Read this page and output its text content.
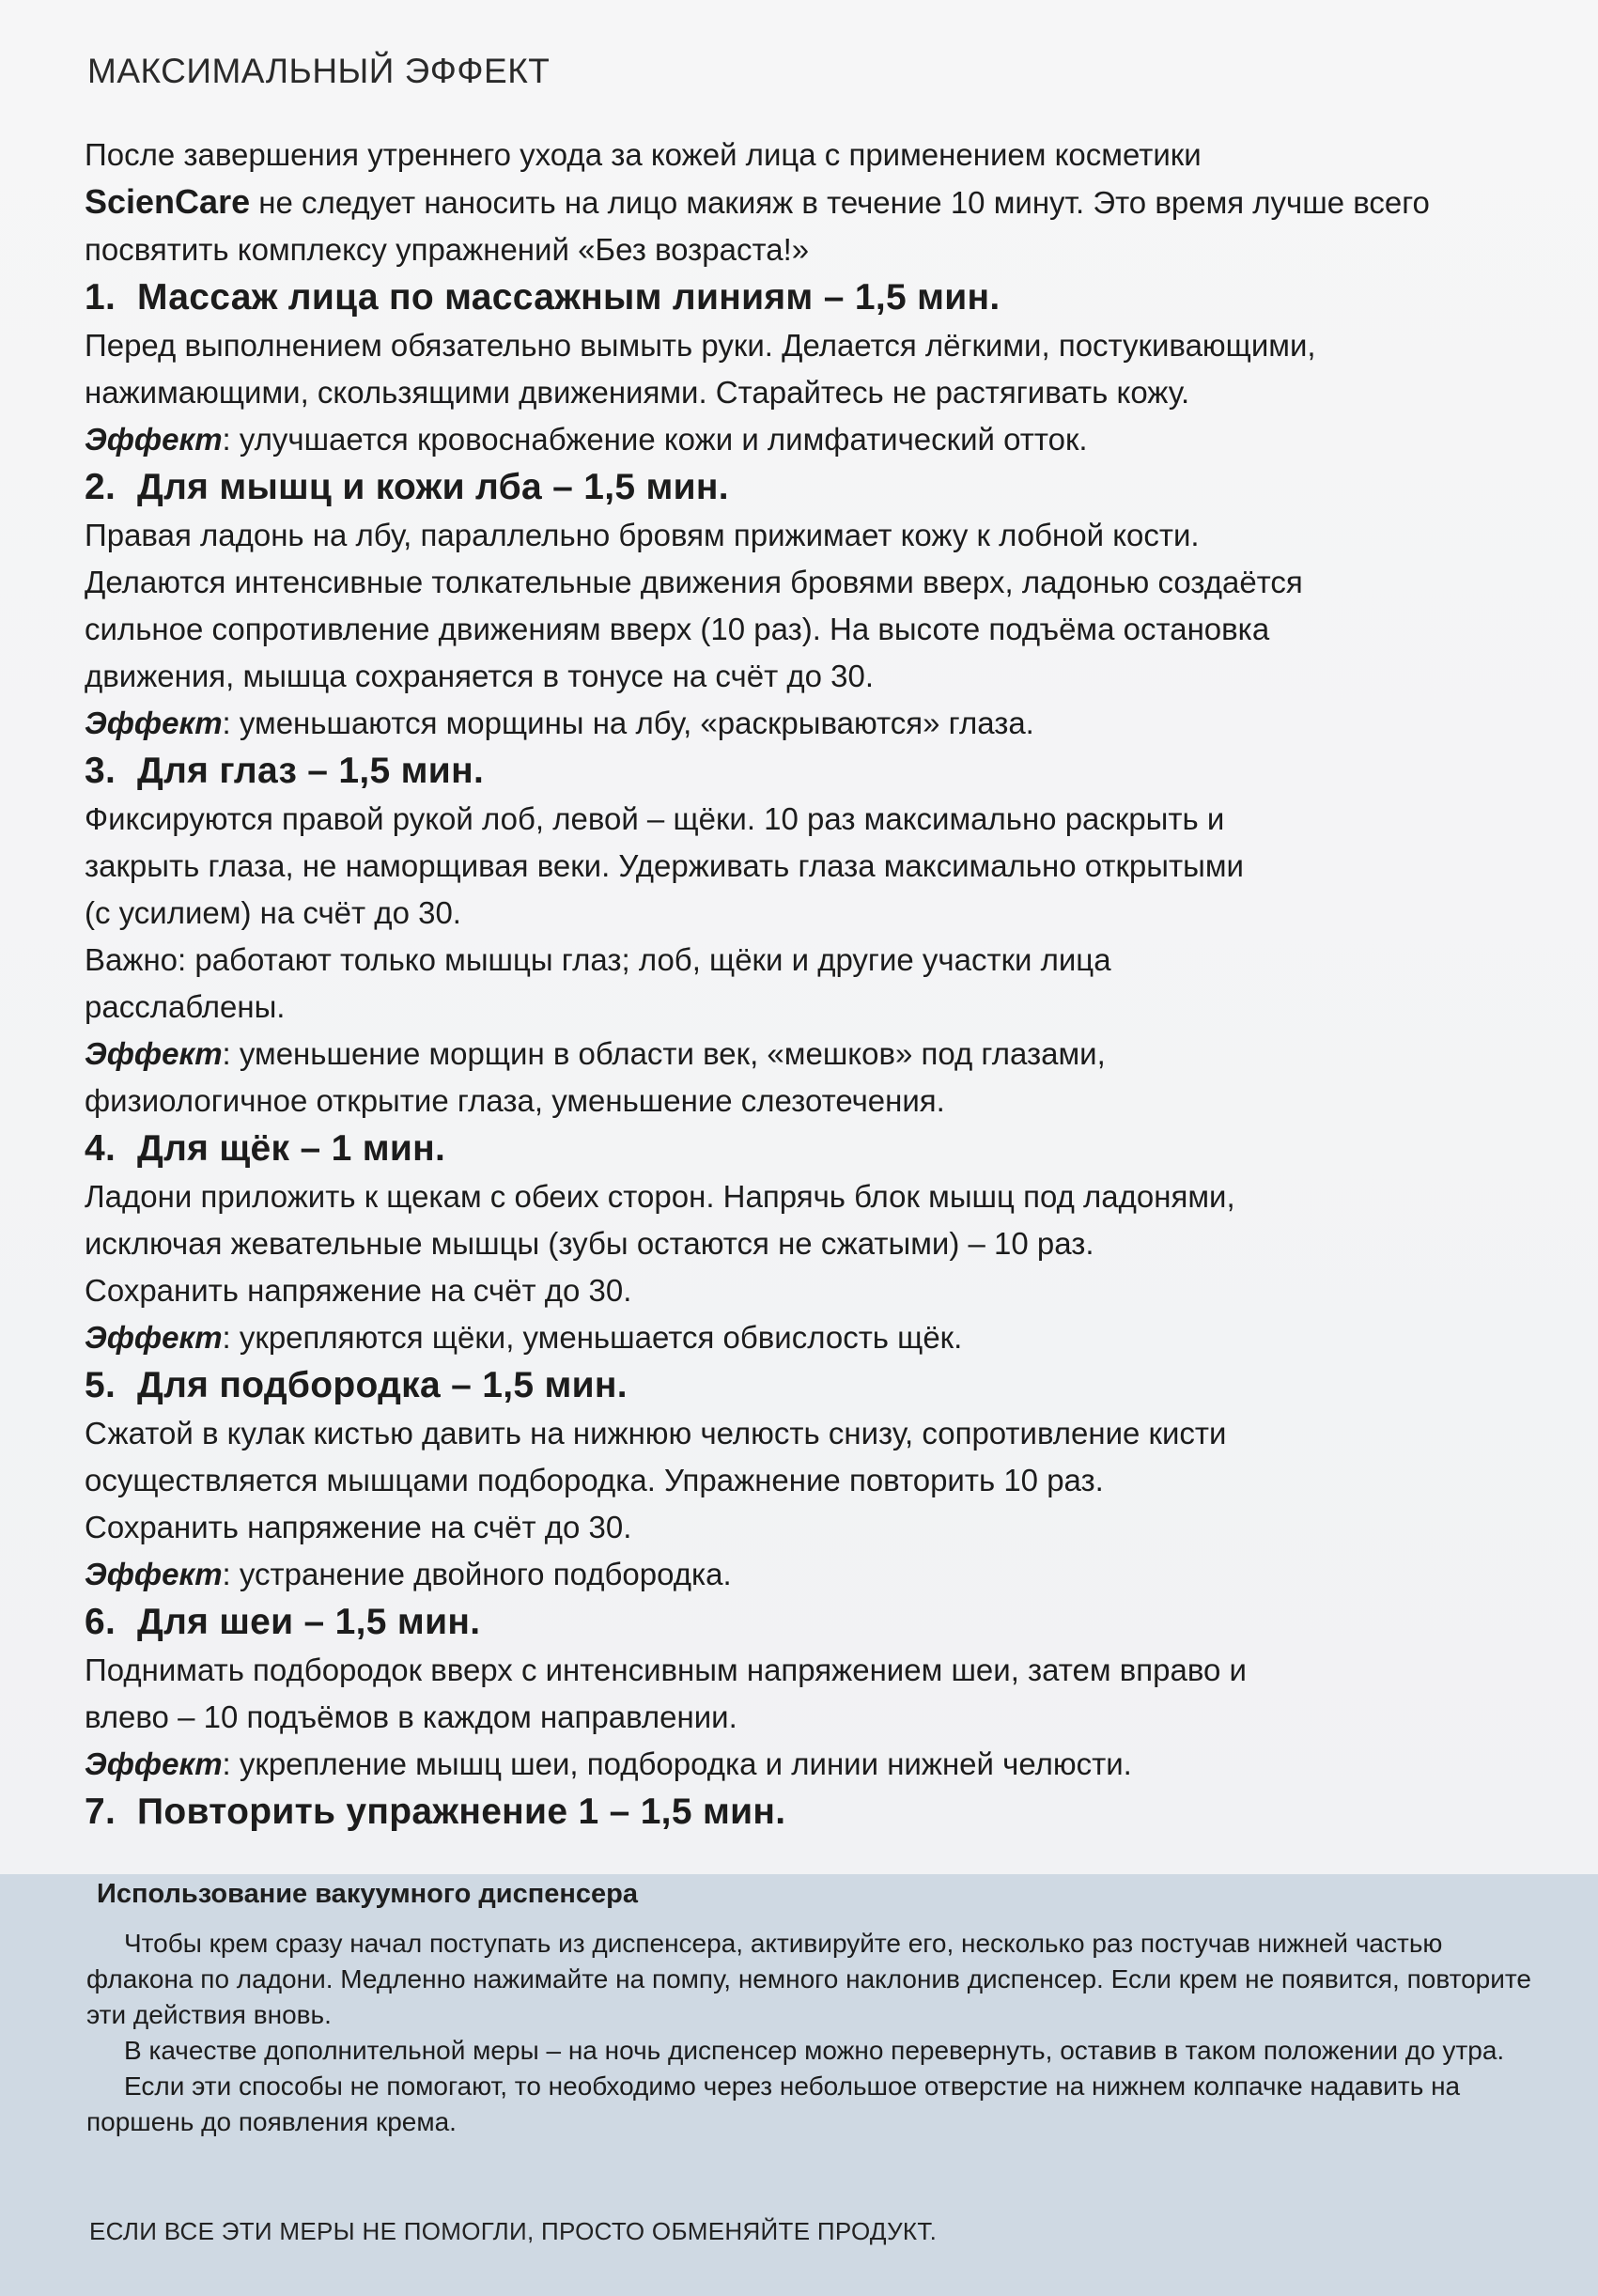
МАКСИМАЛЬНЫЙ ЭФФЕКТ

После завершения утреннего ухода за кожей лица с применением косметики
ScienCare не следует наносить на лицо макияж в течение 10 минут. Это время лучше всего посвятить комплексу упражнений «Без возраста!»

1. Массаж лица по массажным линиям – 1,5 мин.

Перед выполнением обязательно вымыть руки. Делается лёгкими, постукивающими,

нажимающими, скользящими движениями. Старайтесь не растягивать кожу.

Эффект: улучшается кровоснабжение кожи и лимфатический отток.

2. Для мышц и кожи лба – 1,5 мин.

Правая ладонь на лбу, параллельно бровям прижимает кожу к лобной кости.

Делаются интенсивные толкательные движения бровями вверх, ладонью создаётся

сильное сопротивление движениям вверх (10 раз). На высоте подъёма остановка

движения, мышца сохраняется в тонусе на счёт до 30.

Эффект: уменьшаются морщины на лбу, «раскрываются» глаза.

3. Для глаз – 1,5 мин.

Фиксируются правой рукой лоб, левой – щёки. 10 раз максимально раскрыть и

закрыть глаза, не наморщивая веки. Удерживать глаза максимально открытыми

(с усилием) на счёт до 30.

Важно: работают только мышцы глаз; лоб, щёки и другие участки лица

расслаблены.

Эффект: уменьшение морщин в области век, «мешков» под глазами,

физиологичное открытие глаза, уменьшение слезотечения.

4. Для щёк – 1 мин.

Ладони приложить к щекам с обеих сторон. Напрячь блок мышц под ладонями,

исключая жевательные мышцы (зубы остаются не сжатыми) – 10 раз.

Сохранить напряжение на счёт до 30.

Эффект: укрепляются щёки, уменьшается обвислость щёк.

5. Для подбородка – 1,5 мин.

Сжатой в кулак кистью давить на нижнюю челюсть снизу, сопротивление кисти

осуществляется мышцами подбородка. Упражнение повторить 10 раз.

Сохранить напряжение на счёт до 30.

Эффект: устранение двойного подбородка.

6. Для шеи – 1,5 мин.

Поднимать подбородок вверх с интенсивным напряжением шеи, затем вправо и

влево – 10 подъёмов в каждом направлении.

Эффект: укрепление мышц шеи, подбородка и линии нижней челюсти.

7. Повторить упражнение 1 – 1,5 мин.

Использование вакуумного диспенсера

Чтобы крем сразу начал поступать из диспенсера, активируйте его, несколько раз постучав нижней частью флакона по ладони. Медленно нажимайте на помпу, немного наклонив диспенсер. Если крем не появится, повторите эти действия вновь.

В качестве дополнительной меры – на ночь диспенсер можно перевернуть, оставив в таком положении до утра.

Если эти способы не помогают, то необходимо через небольшое отверстие на нижнем колпачке надавить на поршень до появления крема.

ЕСЛИ ВСЕ ЭТИ МЕРЫ НЕ ПОМОГЛИ, ПРОСТО ОБМЕНЯЙТЕ ПРОДУКТ.
